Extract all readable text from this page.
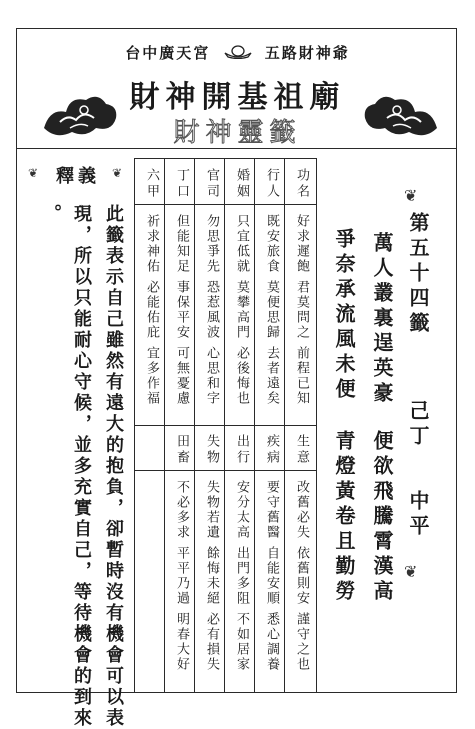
台中廣天宮	五路財神爺
財神開基祖廟
財神靈籤
❦	❦
釋義
此籤表示自己雖然有遠大的抱負，卻暫時沒有機會可以表
現，所以只能耐心守候，並多充實自己，等待機會的到來
。
功名
好求遲飽 君莫問之 前程已知
行人
既安旅食 莫便思歸 去者遠矣
婚姻
只宜低就 莫攀高門 必後悔也
官司
勿思爭先 恐惹風波 心思和字
丁口
但能知足 事保平安 可無憂慮
六甲
祈求神佑 必能佑庇 宜多作福
生意
改舊必失 依舊則安 謹守之也
疾病
要守舊醫 自能安順 悉心調養
出行
安分太高 出門多阻 不如居家
失物
失物若遺 餘悔未絕 必有損失
田畜
不必多求 平平乃過 明春大好
❦
❦
第五十四籤
己丁
中平
萬人叢裏逞英豪
便欲飛騰霄漢高
爭奈承流風未便
青燈黃卷且勤勞
